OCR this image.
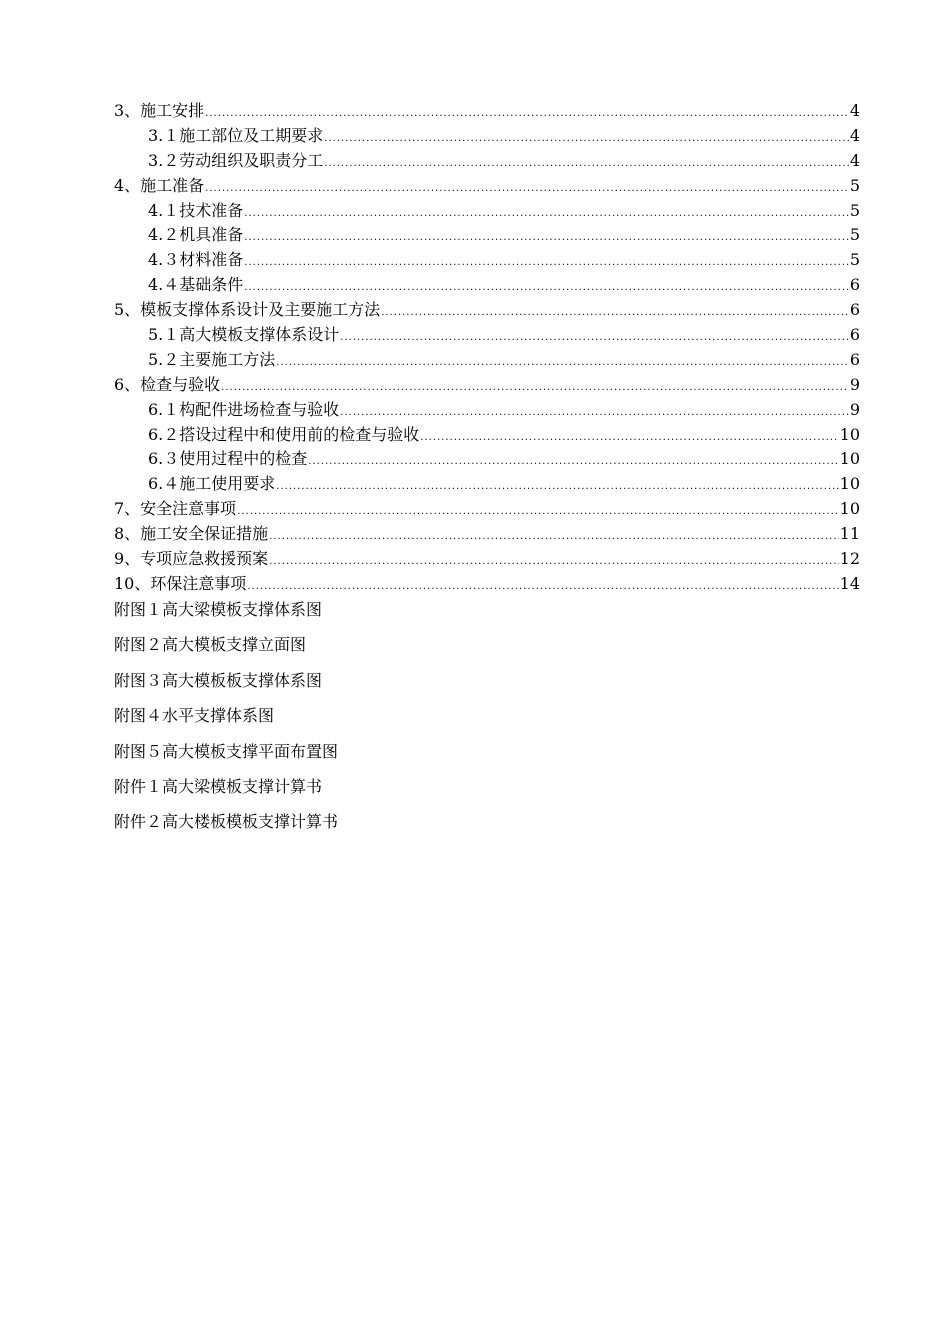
3、施工安排 .....	4
3.１施工部位及工期要求 .....	4
3.２劳动组织及职责分工 .....	4
4、施工准备 .....	5
4.１技术准备 .....	5
4.２机具准备 .....	5
4.３材料准备 .....	5
4.４基础条件 .....	6
5、模板支撑体系设计及主要施工方法 .....	6
5.１高大模板支撑体系设计 .....	6
5.２主要施工方法 .....	6
6、检查与验收 .....	9
6.１构配件进场检查与验收 .....	9
6.２搭设过程中和使用前的检查与验收 .....	10
6.３使用过程中的检查 .....	10
6.４施工使用要求 .....	10
7、安全注意事项 .....	10
8、施工安全保证措施 .....	11
9、专项应急救援预案 .....	12
10、环保注意事项 .....	14
附图１高大梁模板支撑体系图
附图２高大模板支撑立面图
附图３高大模板板支撑体系图
附图４水平支撑体系图
附图５高大模板支撑平面布置图
附件１高大梁模板支撑计算书
附件２高大楼板模板支撑计算书
